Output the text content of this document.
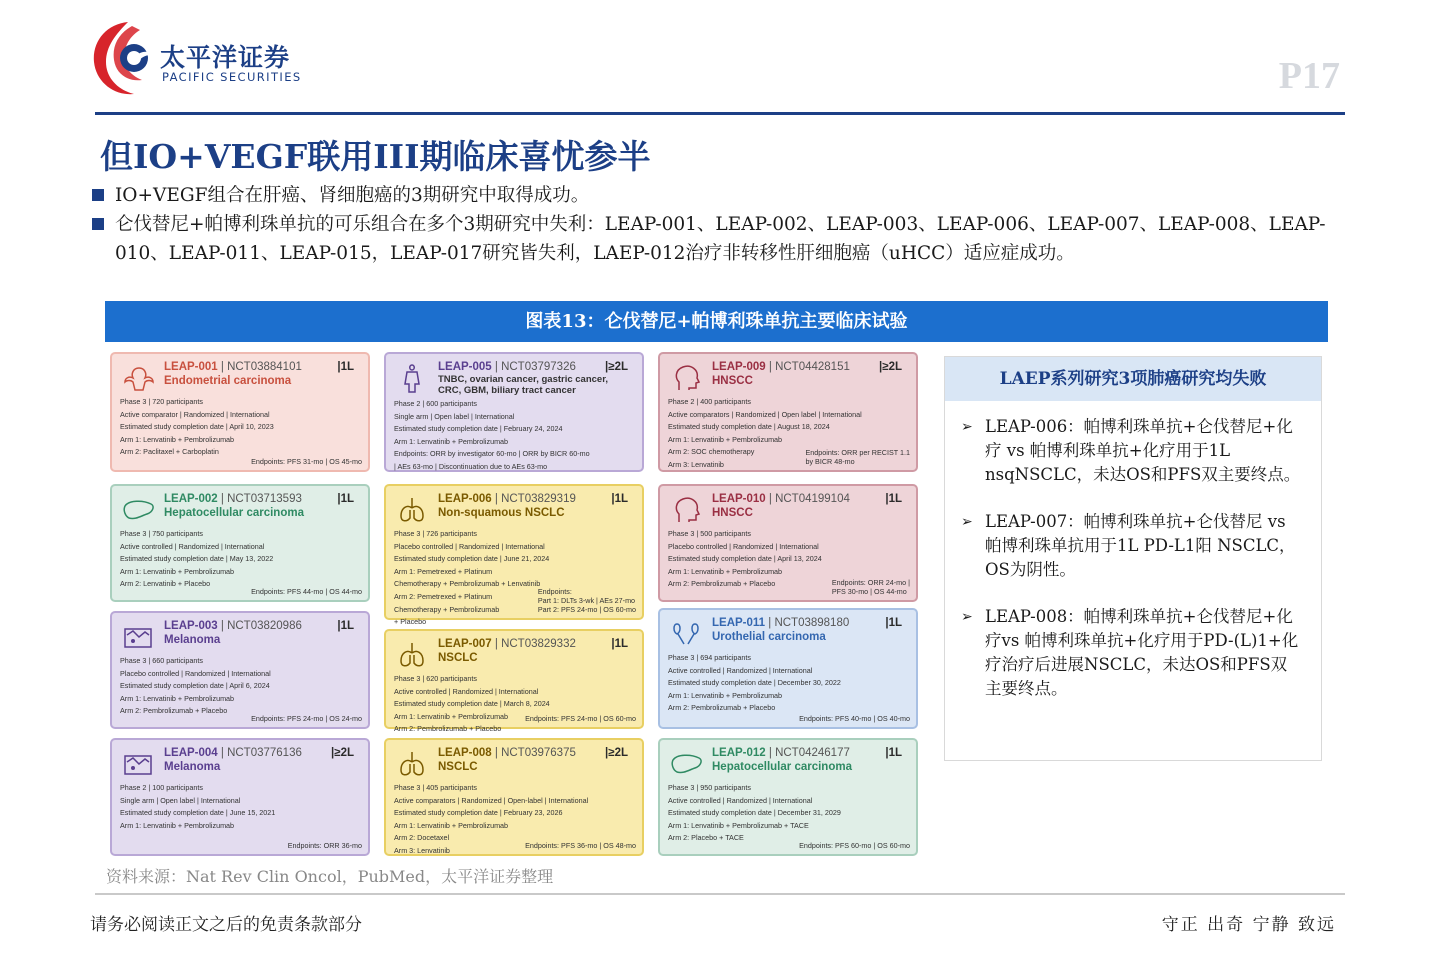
太平洋证券
PACIFIC SECURITIES	P17
但IO+VEGF联用III期临床喜忧参半
IO+VEGF组合在肝癌、肾细胞癌的3期研究中取得成功。
仑伐替尼+帕博利珠单抗的可乐组合在多个3期研究中失利：LEAP-001、LEAP-002、LEAP-003、LEAP-006、LEAP-007、LEAP-008、LEAP-010、LEAP-011、LEAP-015，LEAP-017研究皆失利，LAEP-012治疗非转移性肝细胞癌（uHCC）适应症成功。
图表13：仑伐替尼+帕博利珠单抗主要临床试验
LEAP-001 | NCT03884101	|1L
Endometrial carcinoma
Phase 3 | 720 participants
Active comparator | Randomized | International
Estimated study completion date | April 10, 2023
Arm 1: Lenvatinib + Pembrolizumab
Arm 2: Paclitaxel + Carboplatin
Endpoints: PFS 31-mo | OS 45-mo
LEAP-002 | NCT03713593	|1L
Hepatocellular carcinoma
Phase 3 | 750 participants
Active controlled | Randomized | International
Estimated study completion date | May 13, 2022
Arm 1: Lenvatinib + Pembrolizumab
Arm 2: Lenvatinib + Placebo
Endpoints: PFS 44-mo | OS 44-mo
LEAP-003 | NCT03820986	|1L
Melanoma
Phase 3 | 660 participants
Placebo controlled | Randomized | International
Estimated study completion date | April 6, 2024
Arm 1: Lenvatinib + Pembrolizumab
Arm 2: Pembrolizumab + Placebo
Endpoints: PFS 24-mo | OS 24-mo
LEAP-004 | NCT03776136	|≥2L
Melanoma
Phase 2 | 100 participants
Single arm | Open label | International
Estimated study completion date | June 15, 2021
Arm 1: Lenvatinib + Pembrolizumab
Endpoints: ORR 36-mo
LEAP-005 | NCT03797326	|≥2L
TNBC, ovarian cancer, gastric cancer, CRC, GBM, biliary tract cancer
Phase 2 | 600 participants
Single arm | Open label | International
Estimated study completion date | February 24, 2024
Arm 1: Lenvatinib + Pembrolizumab
Endpoints: ORR by investigator 60-mo | ORR by BICR 60-mo
| AEs 63-mo | Discontinuation due to AEs 63-mo
LEAP-006 | NCT03829319	|1L
Non-squamous NSCLC
Phase 3 | 726 participants
Placebo controlled | Randomized | International
Estimated study completion date | June 21, 2024
Arm 1: Pemetrexed + Platinum
Chemotherapy + Pembrolizumab + Lenvatinib
Arm 2: Pemetrexed + Platinum
Chemotherapy + Pembrolizumab
+ Placebo
Endpoints:
Part 1: DLTs 3-wk | AEs 27-mo
Part 2: PFS 24-mo | OS 60-mo
LEAP-007 | NCT03829332	|1L
NSCLC
Phase 3 | 620 participants
Active controlled | Randomized | International
Estimated study completion date | March 8, 2024
Arm 1: Lenvatinib + Pembrolizumab
Arm 2: Pembrolizumab + Placebo
Endpoints: PFS 24-mo | OS 60-mo
LEAP-008 | NCT03976375	|≥2L
NSCLC
Phase 3 | 405 participants
Active comparators | Randomized | Open-label | International
Estimated study completion date | February 23, 2026
Arm 1: Lenvatinib + Pembrolizumab
Arm 2: Docetaxel
Arm 3: Lenvatinib
Endpoints: PFS 36-mo | OS 48-mo
LEAP-009 | NCT04428151	|≥2L
HNSCC
Phase 2 | 400 participants
Active comparators | Randomized | Open label | International
Estimated study completion date | August 18, 2024
Arm 1: Lenvatinib + Pembrolizumab
Arm 2: SOC chemotherapy
Arm 3: Lenvatinib
Endpoints: ORR per RECIST 1.1
by BICR 48-mo
LEAP-010 | NCT04199104	|1L
HNSCC
Phase 3 | 500 participants
Placebo controlled | Randomized | International
Estimated study completion date | April 13, 2024
Arm 1: Lenvatinib + Pembrolizumab
Arm 2: Pembrolizumab + Placebo	Endpoints: ORR 24-mo |
PFS 30-mo | OS 44-mo
LEAP-011 | NCT03898180	|1L
Urothelial carcinoma
Phase 3 | 694 participants
Active controlled | Randomized | International
Estimated study completion date | December 30, 2022
Arm 1: Lenvatinib + Pembrolizumab
Arm 2: Pembrolizumab + Placebo
Endpoints: PFS 40-mo | OS 40-mo
LEAP-012 | NCT04246177	|1L
Hepatocellular carcinoma
Phase 3 | 950 participants
Active controlled | Randomized | International
Estimated study completion date | December 31, 2029
Arm 1: Lenvatinib + Pembrolizumab + TACE
Arm 2: Placebo + TACE
Endpoints: PFS 60-mo | OS 60-mo
LAEP系列研究3项肺癌研究均失败
➢ LEAP-006：帕博利珠单抗+仑伐替尼+化疗 vs 帕博利珠单抗+化疗用于1L nsqNSCLC，未达OS和PFS双主要终点。
➢ LEAP-007：帕博利珠单抗+仑伐替尼 vs 帕博利珠单抗用于1L PD-L1阳 NSCLC，OS为阴性。
➢ LEAP-008：帕博利珠单抗+仑伐替尼+化疗vs 帕博利珠单抗+化疗用于PD-(L)1+化疗治疗后进展NSCLC，未达OS和PFS双主要终点。
资料来源：Nat Rev Clin Oncol，PubMed，太平洋证券整理
请务必阅读正文之后的免责条款部分	守正 出奇 宁静 致远
